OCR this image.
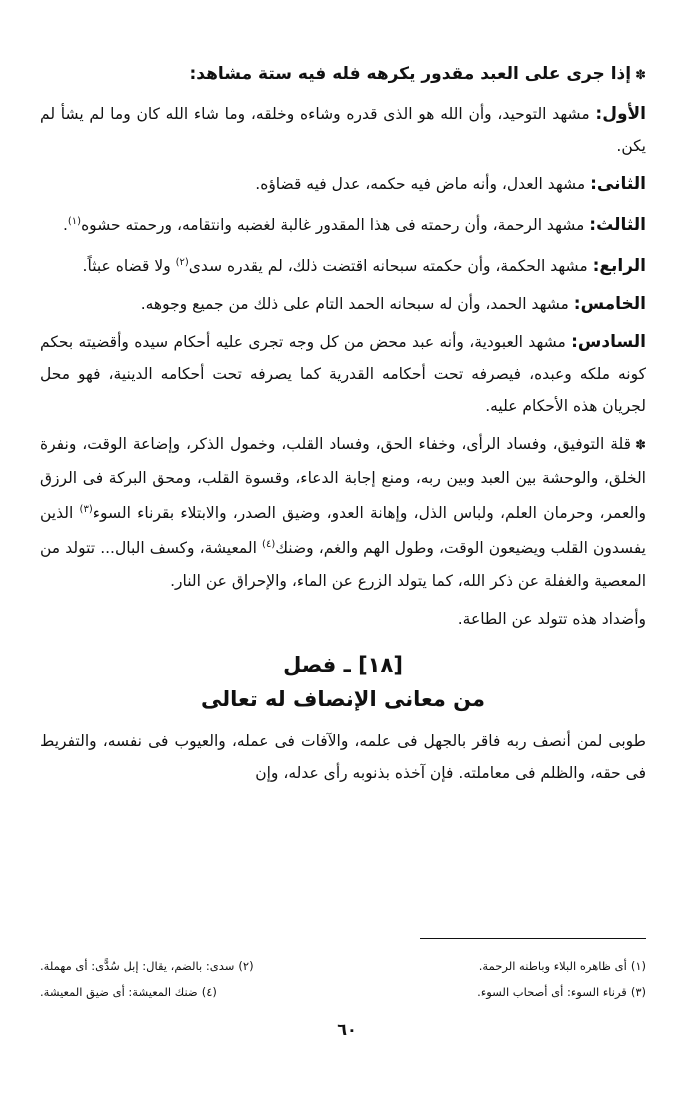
✽إذا جرى على العبد مقدور يكرهه فله فيه ستة مشاهد:

الأول: مشهد التوحيد، وأن الله هو الذى قدره وشاءه وخلقه، وما شاء الله كان وما لم يشأ لم يكن.

الثانى: مشهد العدل، وأنه ماض فيه حكمه، عدل فيه قضاؤه.

الثالث: مشهد الرحمة، وأن رحمته فى هذا المقدور غالبة لغضبه وانتقامه، ورحمته حشوه$^{(١)}$.

الرابع: مشهد الحكمة، وأن حكمته سبحانه اقتضت ذلك، لم يقدره سدى$^{(٢)}$ ولا قضاه عبثاً.

الخامس: مشهد الحمد، وأن له سبحانه الحمد التام على ذلك من جميع وجوهه.

السادس: مشهد العبودية، وأنه عبد محض من كل وجه تجرى عليه أحكام سيده وأقضيته بحكم كونه ملكه وعبده، فيصرفه تحت أحكامه القدرية كما يصرفه تحت أحكامه الدينية، فهو محل لجريان هذه الأحكام عليه.

✽قلة التوفيق، وفساد الرأى، وخفاء الحق، وفساد القلب، وخمول الذكر، وإضاعة الوقت، ونفرة الخلق، والوحشة بين العبد وبين ربه، ومنع إجابة الدعاء، وقسوة القلب، ومحق البركة فى الرزق والعمر، وحرمان العلم، ولباس الذل، وإهانة العدو، وضيق الصدر، والابتلاء بقرناء السوء$^{(٣)}$ الذين يفسدون القلب ويضيعون الوقت، وطول الهم والغم، وضنك$^{(٤)}$ المعيشة، وكسف البال... تتولد من المعصية والغفلة عن ذكر الله، كما يتولد الزرع عن الماء، والإحراق عن النار.

وأضداد هذه تتولد عن الطاعة.

[١٨] ـ فصل
من معانى الإنصاف له تعالى

طوبى لمن أنصف ربه فاقر بالجهل فى علمه، والآفات فى عمله، والعيوب فى نفسه، والتفريط فى حقه، والظلم فى معاملته. فإن آخذه بذنوبه رأى عدله، وإن

(١)أى ظاهره البلاء وباطنه الرحمة.
(٢)سدى: بالضم، يقال: إبل سُدًّى: أى مهملة.
(٣)قرناء السوء: أى أصحاب السوء.
(٤)ضنك المعيشة: أى ضيق المعيشة.
٦٠
